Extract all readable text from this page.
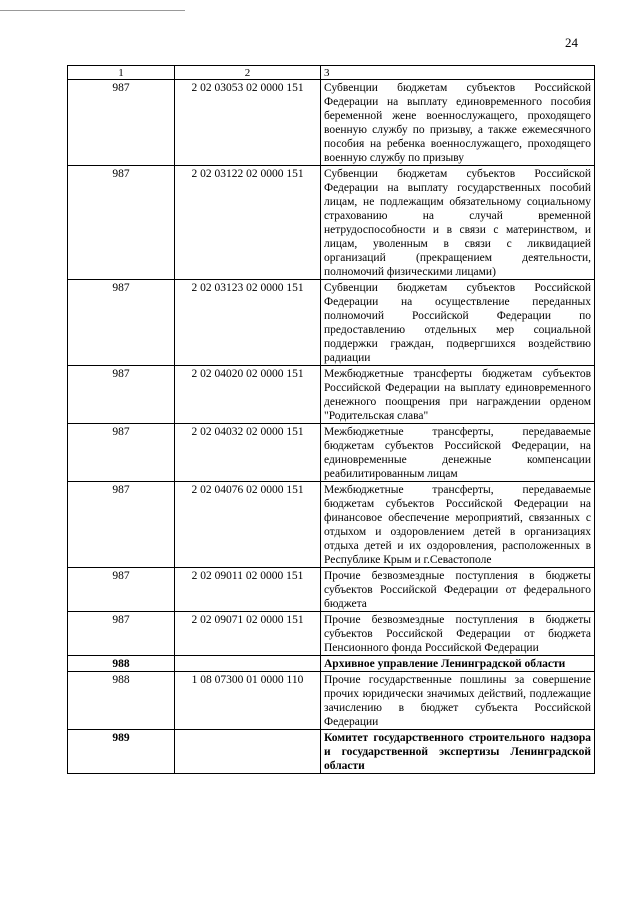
24
1	2	3
987	2 02 03053 02 0000 151	Субвенции бюджетам субъектов Российской Федерации на выплату единовременного пособия беременной жене военнослужащего, проходящего военную службу по призыву, а также ежемесячного пособия на ребенка военнослужащего, проходящего военную службу по призыву
987	2 02 03122 02 0000 151	Субвенции бюджетам субъектов Российской Федерации на выплату государственных пособий лицам, не подлежащим обязательному социальному страхованию на случай временной нетрудоспособности и в связи с материнством, и лицам, уволенным в связи с ликвидацией организаций (прекращением деятельности, полномочий физическими лицами)
987	2 02 03123 02 0000 151	Субвенции бюджетам субъектов Российской Федерации на осуществление переданных полномочий Российской Федерации по предоставлению отдельных мер социальной поддержки граждан, подвергшихся воздействию радиации
987	2 02 04020 02 0000 151	Межбюджетные трансферты бюджетам субъектов Российской Федерации на выплату единовременного денежного поощрения при награждении орденом "Родительская слава"
987	2 02 04032 02 0000 151	Межбюджетные трансферты, передаваемые бюджетам субъектов Российской Федерации, на единовременные денежные компенсации реабилитированным лицам
987	2 02 04076 02 0000 151	Межбюджетные трансферты, передаваемые бюджетам субъектов Российской Федерации на финансовое обеспечение мероприятий, связанных с отдыхом и оздоровлением детей в организациях отдыха детей и их оздоровления, расположенных в Республике Крым и г.Севастополе
987	2 02 09011 02 0000 151	Прочие безвозмездные поступления в бюджеты субъектов Российской Федерации от федерального бюджета
987	2 02 09071 02 0000 151	Прочие безвозмездные поступления в бюджеты субъектов Российской Федерации от бюджета Пенсионного фонда Российской Федерации
988		Архивное управление Ленинградской области
988	1 08 07300 01 0000 110	Прочие государственные пошлины за совершение прочих юридически значимых действий, подлежащие зачислению в бюджет субъекта Российской Федерации
989		Комитет государственного строительного надзора и государственной экспертизы Ленинградской области
